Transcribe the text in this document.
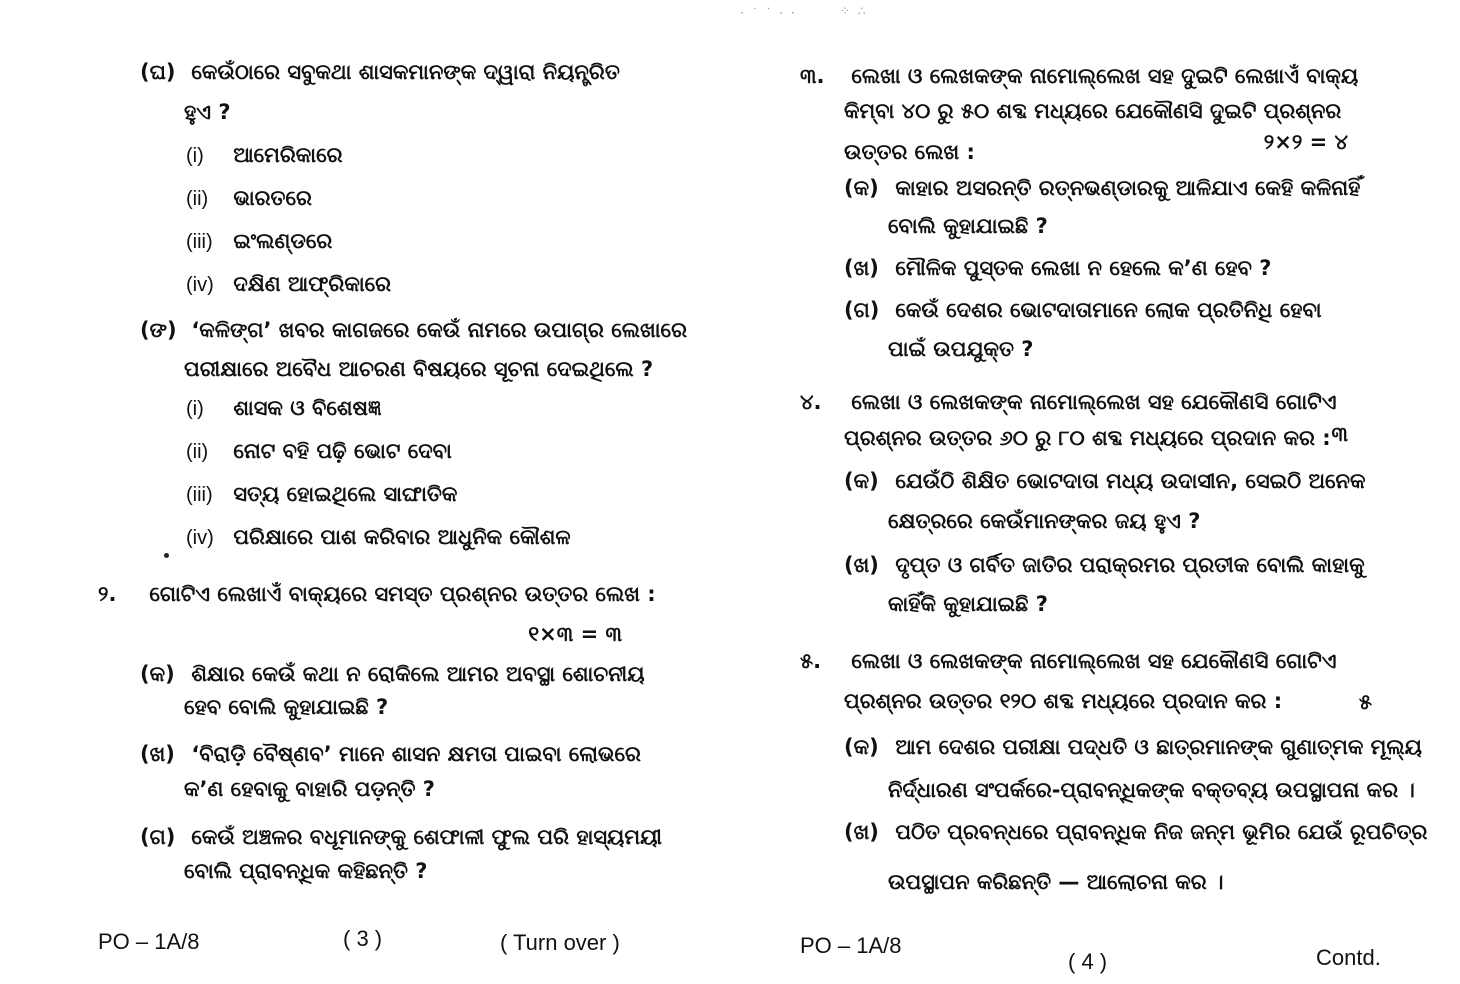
(ଘ) କେଉଁଠାରେ ସବୁକଥା ଶାସକମାନଙ୍କ ଦ୍ୱାରା ନିୟନ୍ତ୍ରିତ
ହୁଏ ?
(i) ଆମେରିକାରେ
(ii) ଭାରତରେ
(iii) ଇଂଲଣ୍ଡରେ
(iv) ଦକ୍ଷିଣ ଆଫ୍ରିକାରେ
(ଙ) ‘କଳିଙ୍ଗ’ ଖବର କାଗଜରେ କେଉଁ ନାମରେ ଉପାଗ୍ର ଲେଖାରେ
ପରୀକ୍ଷାରେ ଅବୈଧ ଆଚରଣ ବିଷୟରେ ସୂଚନା ଦେଇଥିଲେ ?
(i) ଶାସକ ଓ ବିଶେଷଜ୍ଞ
(ii) ନୋଟ ବହି ପଢ଼ି ଭୋଟ ଦେବା
(iii) ସତ୍ୟ ହୋଇଥିଲେ ସାଙ୍ଘାତିକ
(iv) ପରିକ୍ଷାରେ ପାଶ କରିବାର ଆଧୁନିକ କୌଶଳ
୨. ଗୋଟିଏ ଲେଖାଏଁ ବାକ୍ୟରେ ସମସ୍ତ ପ୍ରଶ୍ନର ଉତ୍ତର ଲେଖ :
୧×୩ = ୩
(କ) ଶିକ୍ଷାର କେଉଁ କଥା ନ ରୋକିଲେ ଆମର ଅବସ୍ଥା ଶୋଚନୀୟ
ହେବ ବୋଲି କୁହାଯାଇଛି ?
(ଖ) ‘ବିରାଡ଼ି ବୈଷ୍ଣବ’ ମାନେ ଶାସନ କ୍ଷମତା ପାଇବା ଲୋଭରେ
କ’ଣ ହେବାକୁ ବାହାରି ପଡ଼ନ୍ତି ?
(ଗ) କେଉଁ ଅଞ୍ଚଳର ବଧୂମାନଙ୍କୁ ଶେଫାଳୀ ଫୁଲ ପରି ହାସ୍ୟମୟୀ
ବୋଲି ପ୍ରାବନ୍ଧିକ କହିଛନ୍ତି ?
PO – 1A/8	( 3 )	( Turn over )
· ˙ ˙ · ·	⁘ ∴
୩. ଲେଖା ଓ ଲେଖକଙ୍କ ନାମୋଲ୍ଲେଖ ସହ ଦୁଇଟି ଲେଖାଏଁ ବାକ୍ୟ
କିମ୍ବା ୪୦ ରୁ ୫୦ ଶବ୍ଦ ମଧ୍ୟରେ ଯେକୌଣସି ଦୁଇଟି ପ୍ରଶ୍ନର
ଉତ୍ତର ଲେଖ :	୨×୨ = ୪
(କ) କାହାର ଅସରନ୍ତି ରତ୍ନଭଣ୍ଡାରକୁ ଆଳିଯାଏ କେହି କଳିନାହିଁ
ବୋଲି କୁହାଯାଇଛି ?
(ଖ) ମୌଳିକ ପୁସ୍ତକ ଲେଖା ନ ହେଲେ କ’ଣ ହେବ ?
(ଗ) କେଉଁ ଦେଶର ଭୋଟଦାତାମାନେ ଲୋକ ପ୍ରତିନିଧି ହେବା
ପାଇଁ ଉପଯୁକ୍ତ ?
୪. ଲେଖା ଓ ଲେଖକଙ୍କ ନାମୋଲ୍ଲେଖ ସହ ଯେକୌଣସି ଗୋଟିଏ
ପ୍ରଶ୍ନର ଉତ୍ତର ୬୦ ରୁ ୮୦ ଶବ୍ଦ ମଧ୍ୟରେ ପ୍ରଦାନ କର : ୩
(କ) ଯେଉଁଠି ଶିକ୍ଷିତ ଭୋଟଦାତା ମଧ୍ୟ ଉଦାସୀନ, ସେଇଠି ଅନେକ
କ୍ଷେତ୍ରରେ କେଉଁମାନଙ୍କର ଜୟ ହୁଏ ?
(ଖ) ଦୃପ୍ତ ଓ ଗର୍ବିତ ଜାତିର ପରାକ୍ରମର ପ୍ରତୀକ ବୋଲି କାହାକୁ
କାହିଁକି କୁହାଯାଇଛି ?
୫. ଲେଖା ଓ ଲେଖକଙ୍କ ନାମୋଲ୍ଲେଖ ସହ ଯେକୌଣସି ଗୋଟିଏ
ପ୍ରଶ୍ନର ଉତ୍ତର ୧୨୦ ଶବ୍ଦ ମଧ୍ୟରେ ପ୍ରଦାନ କର :	୫
(କ) ଆମ ଦେଶର ପରୀକ୍ଷା ପଦ୍ଧତି ଓ ଛାତ୍ରମାନଙ୍କ ଗୁଣାତ୍ମକ ମୂଲ୍ୟ
ନିର୍ଦ୍ଧାରଣ ସଂପର୍କରେ-ପ୍ରାବନ୍ଧିକଙ୍କ ବକ୍ତବ୍ୟ ଉପସ୍ଥାପନା କର ।
(ଖ) ପଠିତ ପ୍ରବନ୍ଧରେ ପ୍ରାବନ୍ଧିକ ନିଜ ଜନ୍ମ ଭୂମିର ଯେଉଁ ରୂପଚିତ୍ର
ଉପସ୍ଥାପନ କରିଛନ୍ତି — ଆଲୋଚନା କର ।
PO – 1A/8
( 4 )	Contd.
